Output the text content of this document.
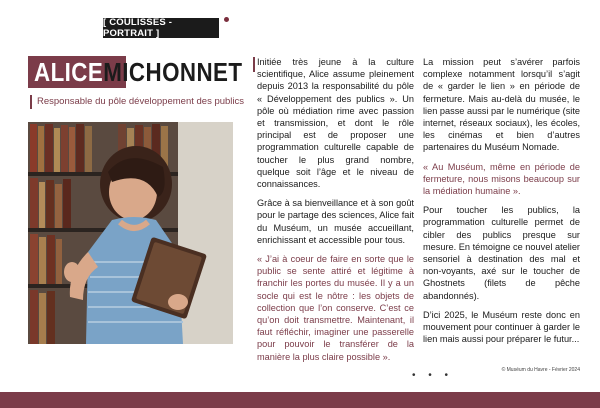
[ COULISSES - PORTRAIT ]
ALICEMICHONNET
Responsable du pôle développement des publics

Initiée très jeune à la culture scientifique, Alice assume pleinement depuis 2013 la responsabilité du pôle « Développement des publics ». Un pôle où médiation rime avec passion et transmission, et dont le rôle principal est de proposer une programmation culturelle capable de toucher le plus grand nombre, quelque soit l’âge et le niveau de connaissances.

Grâce à sa bienveillance et à son goût pour le partage des sciences, Alice fait du Muséum, un musée accueillant, enrichissant et accessible pour tous.

« J’ai à coeur de faire en sorte que le public se sente attiré et légitime à franchir les portes du musée. Il y a un socle qui est le nôtre : les objets de collection que l’on conserve. C’est ce qu’on doit transmettre. Maintenant, il faut réfléchir, imaginer une passerelle pour pouvoir le transférer de la manière la plus claire possible ».

La mission peut s’avérer parfois complexe notamment lorsqu’il s’agit de « garder le lien » en période de fermeture. Mais au-delà du musée, le lien passe aussi par le numérique (site internet, réseaux sociaux), les écoles, les cinémas et bien d’autres partenaires du Muséum Nomade.

« Au Muséum, même en période de fermeture, nous misons beaucoup sur la médiation humaine ».

Pour toucher les publics, la programmation culturelle permet de cibler des publics presque sur mesure. En témoigne ce nouvel atelier sensoriel à destination des mal et non-voyants, axé sur le toucher de Ghostnets (filets de pêche abandonnés).

D’ici 2025, le Muséum reste donc en mouvement pour continuer à garder le lien mais aussi pour préparer le futur...

• • •	© Muséum du Havre - Février 2024
